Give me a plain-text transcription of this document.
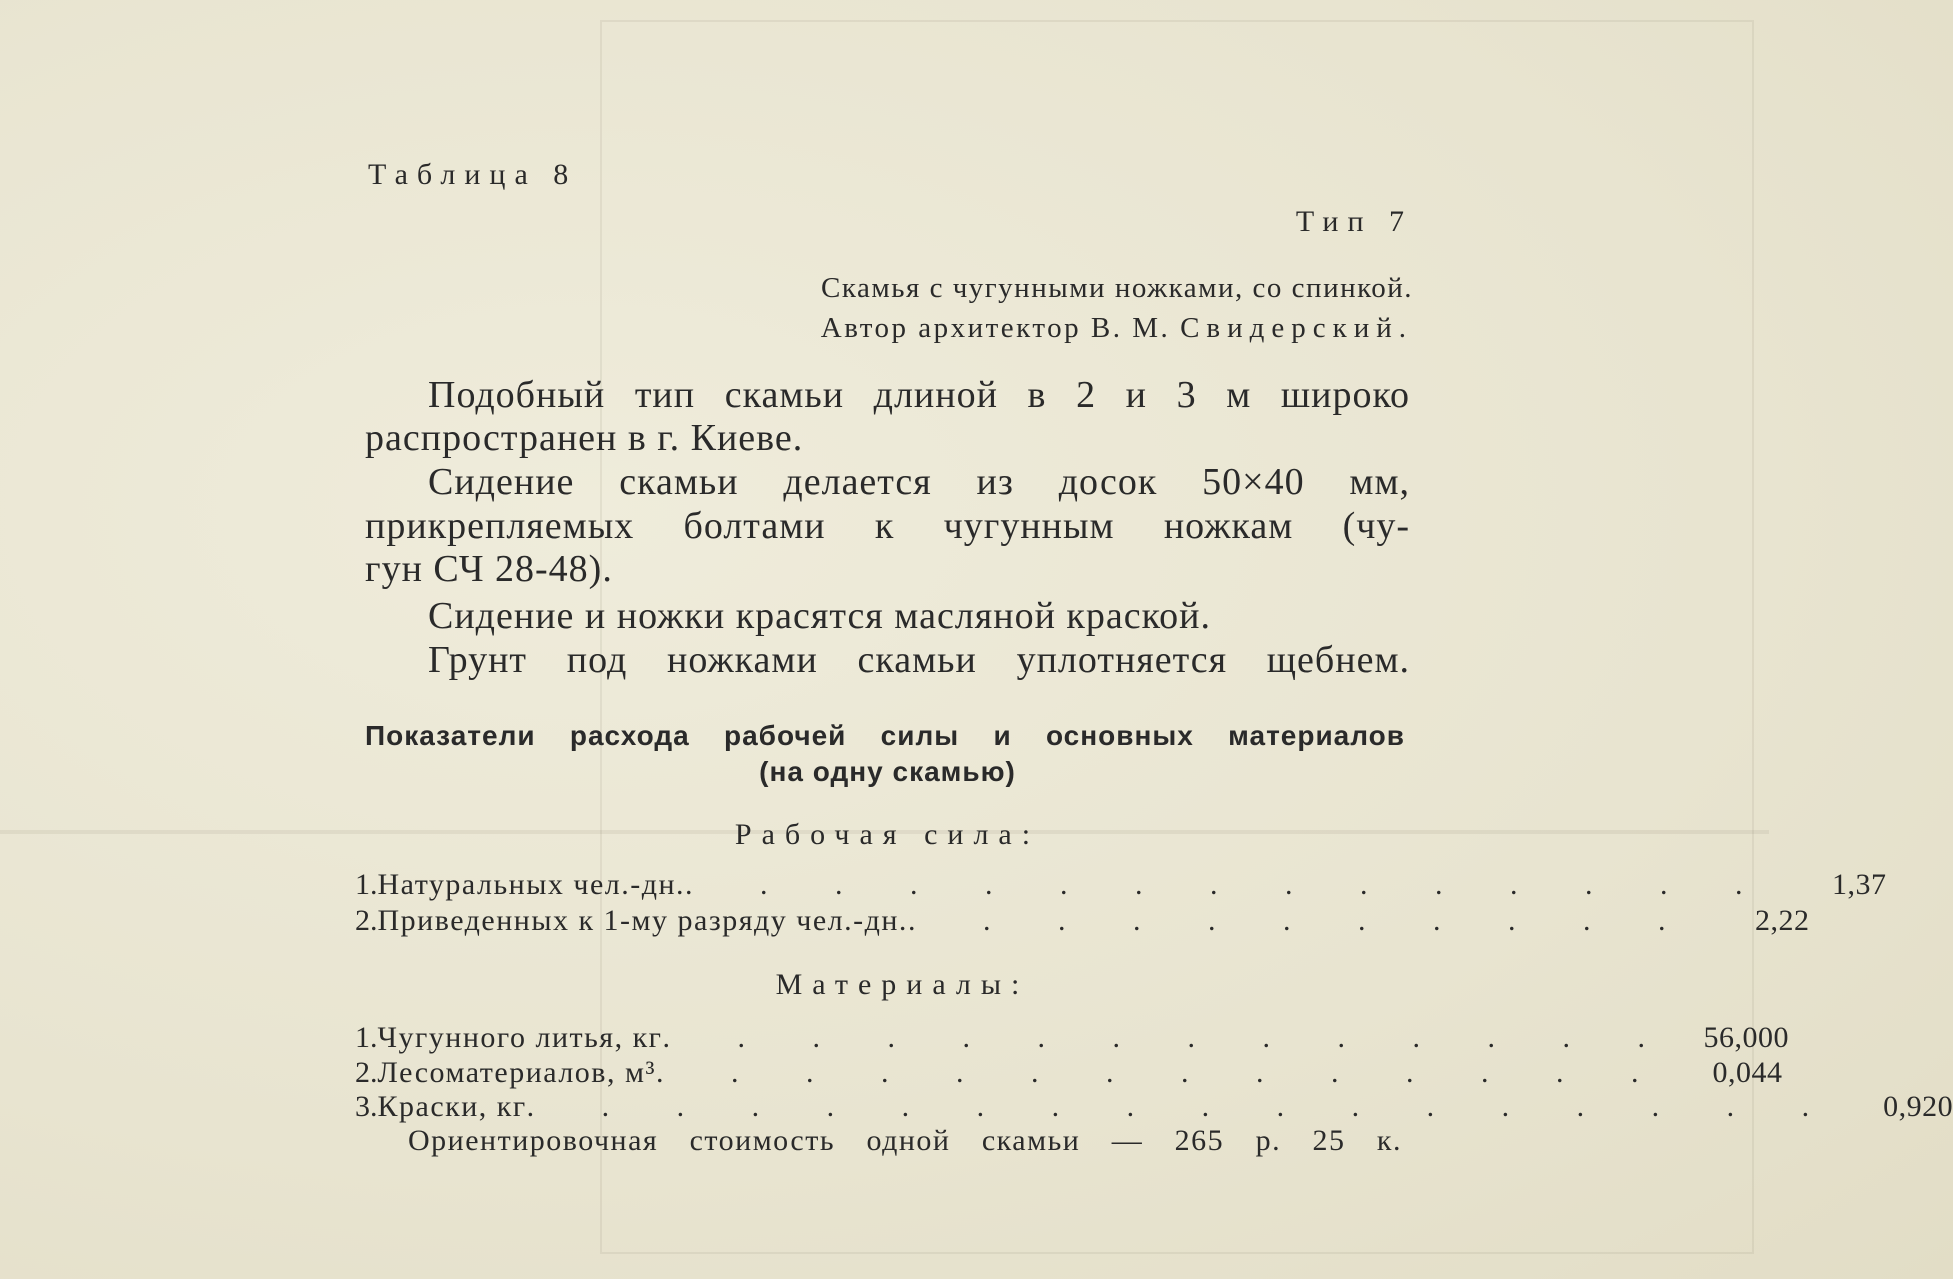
Таблица 8
Тип 7
Скамья с чугунными ножками, со спинкой.
Автор архитектор В. М. Свидерский.
Подобный тип скамьи длиной в 2 и 3 м широко
распространен в г. Киеве.
Сидение скамьи делается из досок 50×40 мм,
прикрепляемых болтами к чугунным ножкам (чу-
гун СЧ 28-48).
Сидение и ножки красятся масляной краской.
Грунт под ножками скамьи уплотняется щебнем.
Показатели расхода рабочей силы и основных материалов
(на одну скамью)
Рабочая сила:
1. Натуральных чел.-дн. . . . . . . . . . . . . . . .	1,37
2. Приведенных к 1-му разряду чел.-дн. . . . . . . . . . . .	2,22
Материалы:
1. Чугунного литья, кг . . . . . . . . . . . . . . 56,000
2. Лесоматериалов, м³ . . . . . . . . . . . . . .	0,044
3. Краски, кг . . . . . . . . . . . . . . . . . .	0,920
Ориентировочная стоимость одной скамьи — 265 р. 25 к.
